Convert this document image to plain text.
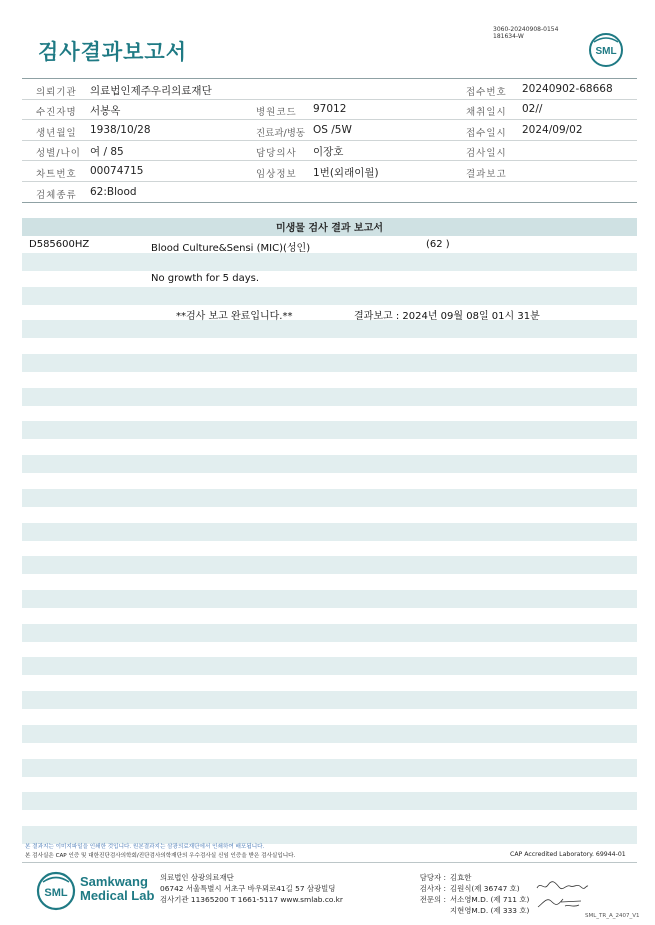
검사결과보고서
3060-20240908-0154
181634-W
SML
의뢰기관 의료법인제주우리의료재단	접수번호 20240902-68668
수진자명 서봉옥	병원코드 97012	채취일시 02//
생년월일 1938/10/28	진료과/병동 OS /5W	접수일시 2024/09/02
성별/나이 여 / 85	담당의사 이장호	검사일시
차트번호 00074715	임상정보 1번(외래이월)	결과보고
검체종류 62:Blood
미생물 검사 결과 보고서
D585600HZ	Blood Culture&Sensi (MIC)(성인)	(62 )
No growth for 5 days.
**검사 보고 완료입니다.**	결과보고 : 2024년 09월 08일 01시 31분
본 결과지는 이미지파일을 인쇄한 것입니다. 원본결과지는 삼광의료재단에서 인쇄하여 배포됩니다.
본 검사실은 CAP 인증 및 대한진단검사의학회/진단검사의학재단의 우수검사실 신임 인증을 받은 검사실입니다.	CAP Accredited Laboratory. 69944-01
SML
Samkwang
Medical Lab
의료법인 삼광의료재단
06742 서울특별시 서초구 바우뫼로41길 57 삼광빌딩
검사기관 11365200 T 1661-5117 www.smlab.co.kr
담당자 : 김효한
검사자 : 김원식(제 36747 호)
전문의 : 서소영M.D. (제 711 호)
지현영M.D. (제 333 호)
SML_TR_A_2407_V1
